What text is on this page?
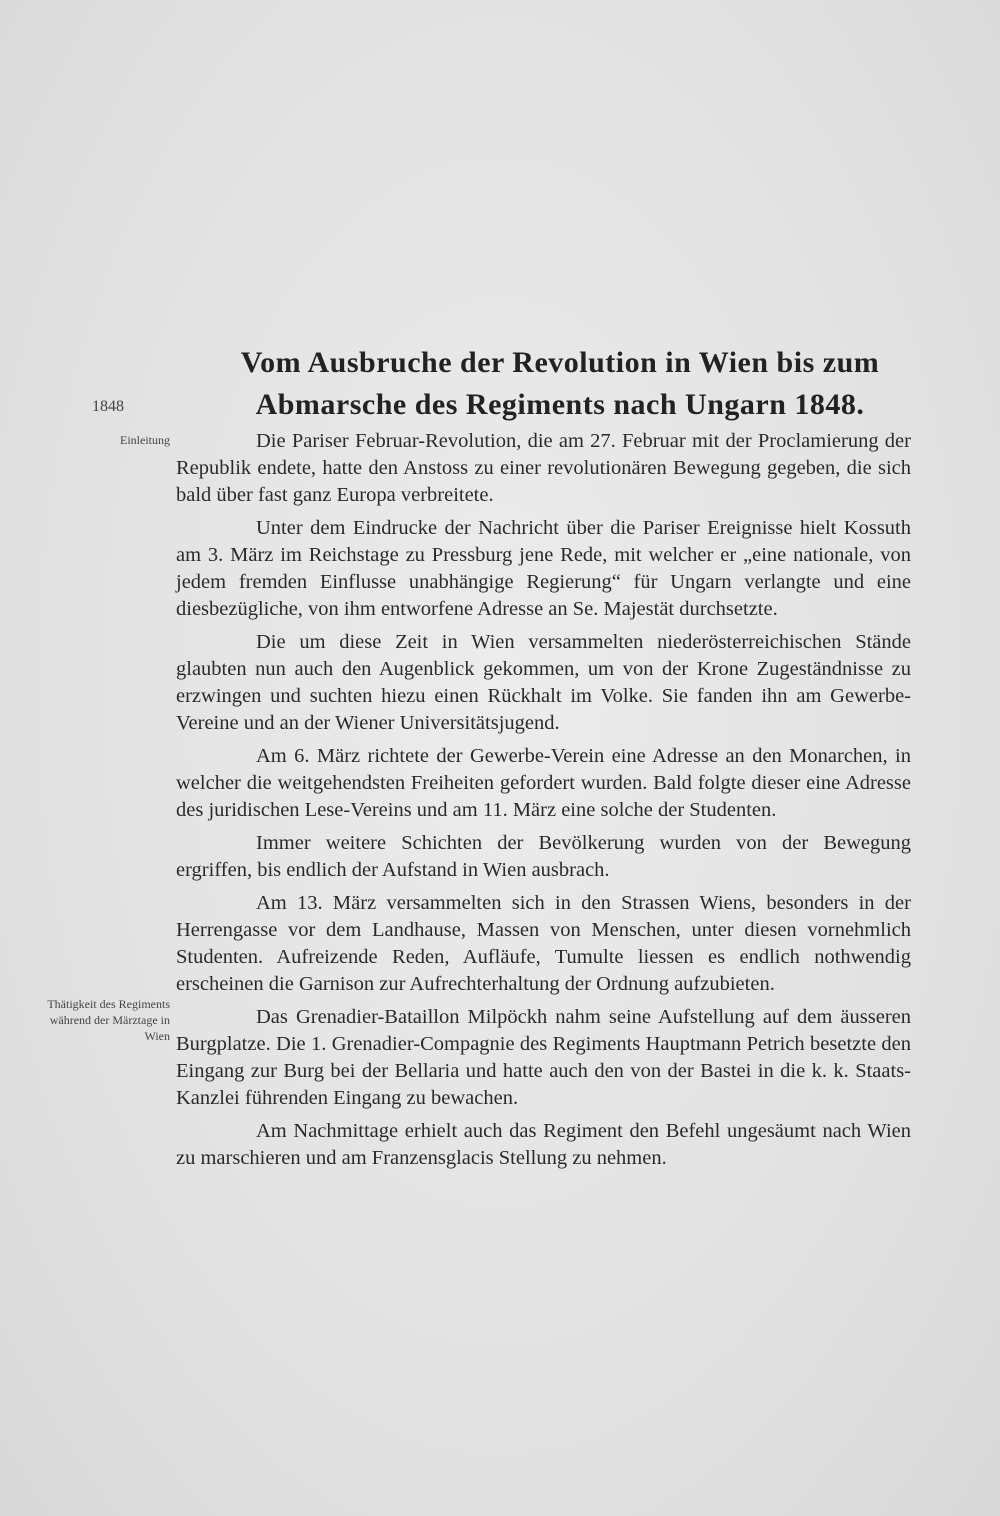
Vom Ausbruche der Revolution in Wien bis zum
Abmarsche des Regiments nach Ungarn 1848.
1848
Einleitung
Thätigkeit des Regiments während der Märztage in Wien

Die Pariser Februar-Revolution, die am 27. Februar mit der Proclamierung der Republik endete, hatte den Anstoss zu einer revolutionären Bewegung gegeben, die sich bald über fast ganz Europa verbreitete.

Unter dem Eindrucke der Nachricht über die Pariser Ereignisse hielt Kossuth am 3. März im Reichstage zu Pressburg jene Rede, mit welcher er „eine nationale, von jedem fremden Einflusse unabhängige Regierung“ für Ungarn verlangte und eine diesbezügliche, von ihm entworfene Adresse an Se. Majestät durchsetzte.

Die um diese Zeit in Wien versammelten niederösterreichischen Stände glaubten nun auch den Augenblick gekommen, um von der Krone Zugeständnisse zu erzwingen und suchten hiezu einen Rückhalt im Volke. Sie fanden ihn am Gewerbe-Vereine und an der Wiener Universitätsjugend.

Am 6. März richtete der Gewerbe-Verein eine Adresse an den Monarchen, in welcher die weitgehendsten Freiheiten gefordert wurden. Bald folgte dieser eine Adresse des juridischen Lese-Vereins und am 11. März eine solche der Studenten.

Immer weitere Schichten der Bevölkerung wurden von der Bewegung ergriffen, bis endlich der Aufstand in Wien ausbrach.

Am 13. März versammelten sich in den Strassen Wiens, besonders in der Herrengasse vor dem Landhause, Massen von Menschen, unter diesen vornehmlich Studenten. Aufreizende Reden, Aufläufe, Tumulte liessen es endlich nothwendig erscheinen die Garnison zur Aufrechterhaltung der Ordnung aufzubieten.

Das Grenadier-Bataillon Milpöckh nahm seine Aufstellung auf dem äusseren Burgplatze. Die 1. Grenadier-Compagnie des Regiments Hauptmann Petrich besetzte den Eingang zur Burg bei der Bellaria und hatte auch den von der Bastei in die k. k. Staats-Kanzlei führenden Eingang zu bewachen.

Am Nachmittage erhielt auch das Regiment den Befehl ungesäumt nach Wien zu marschieren und am Franzensglacis Stellung zu nehmen.
